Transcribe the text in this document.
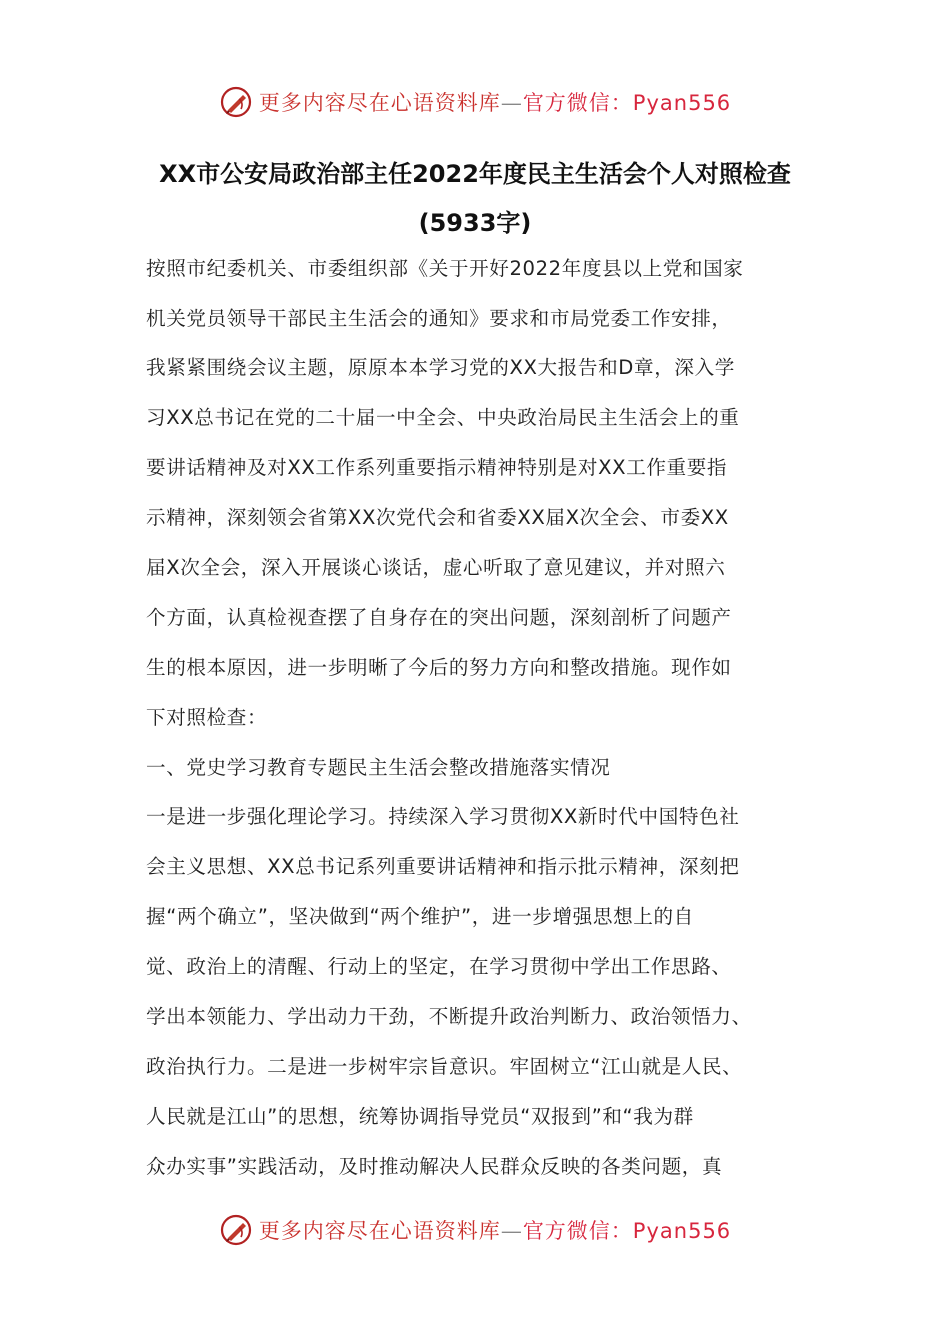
更多内容尽在心语资料库—官方微信：Pyan556
XX市公安局政治部主任2022年度民主生活会个人对照检查
(5933字)
按照市纪委机关、市委组织部《关于开好2022年度县以上党和国家
机关党员领导干部民主生活会的通知》要求和市局党委工作安排，
我紧紧围绕会议主题，原原本本学习党的XX大报告和D章，深入学
习XX总书记在党的二十届一中全会、中央政治局民主生活会上的重
要讲话精神及对XX工作系列重要指示精神特别是对XX工作重要指
示精神，深刻领会省第XX次党代会和省委XX届X次全会、市委XX
届X次全会，深入开展谈心谈话，虚心听取了意见建议，并对照六
个方面，认真检视查摆了自身存在的突出问题，深刻剖析了问题产
生的根本原因，进一步明晰了今后的努力方向和整改措施。现作如
下对照检查：
一、党史学习教育专题民主生活会整改措施落实情况
一是进一步强化理论学习。持续深入学习贯彻XX新时代中国特色社
会主义思想、XX总书记系列重要讲话精神和指示批示精神，深刻把
握“两个确立”，坚决做到“两个维护”，进一步增强思想上的自
觉、政治上的清醒、行动上的坚定，在学习贯彻中学出工作思路、
学出本领能力、学出动力干劲，不断提升政治判断力、政治领悟力、
政治执行力。二是进一步树牢宗旨意识。牢固树立“江山就是人民、
人民就是江山”的思想，统筹协调指导党员“双报到”和“我为群
众办实事”实践活动，及时推动解决人民群众反映的各类问题，真
更多内容尽在心语资料库—官方微信：Pyan556
